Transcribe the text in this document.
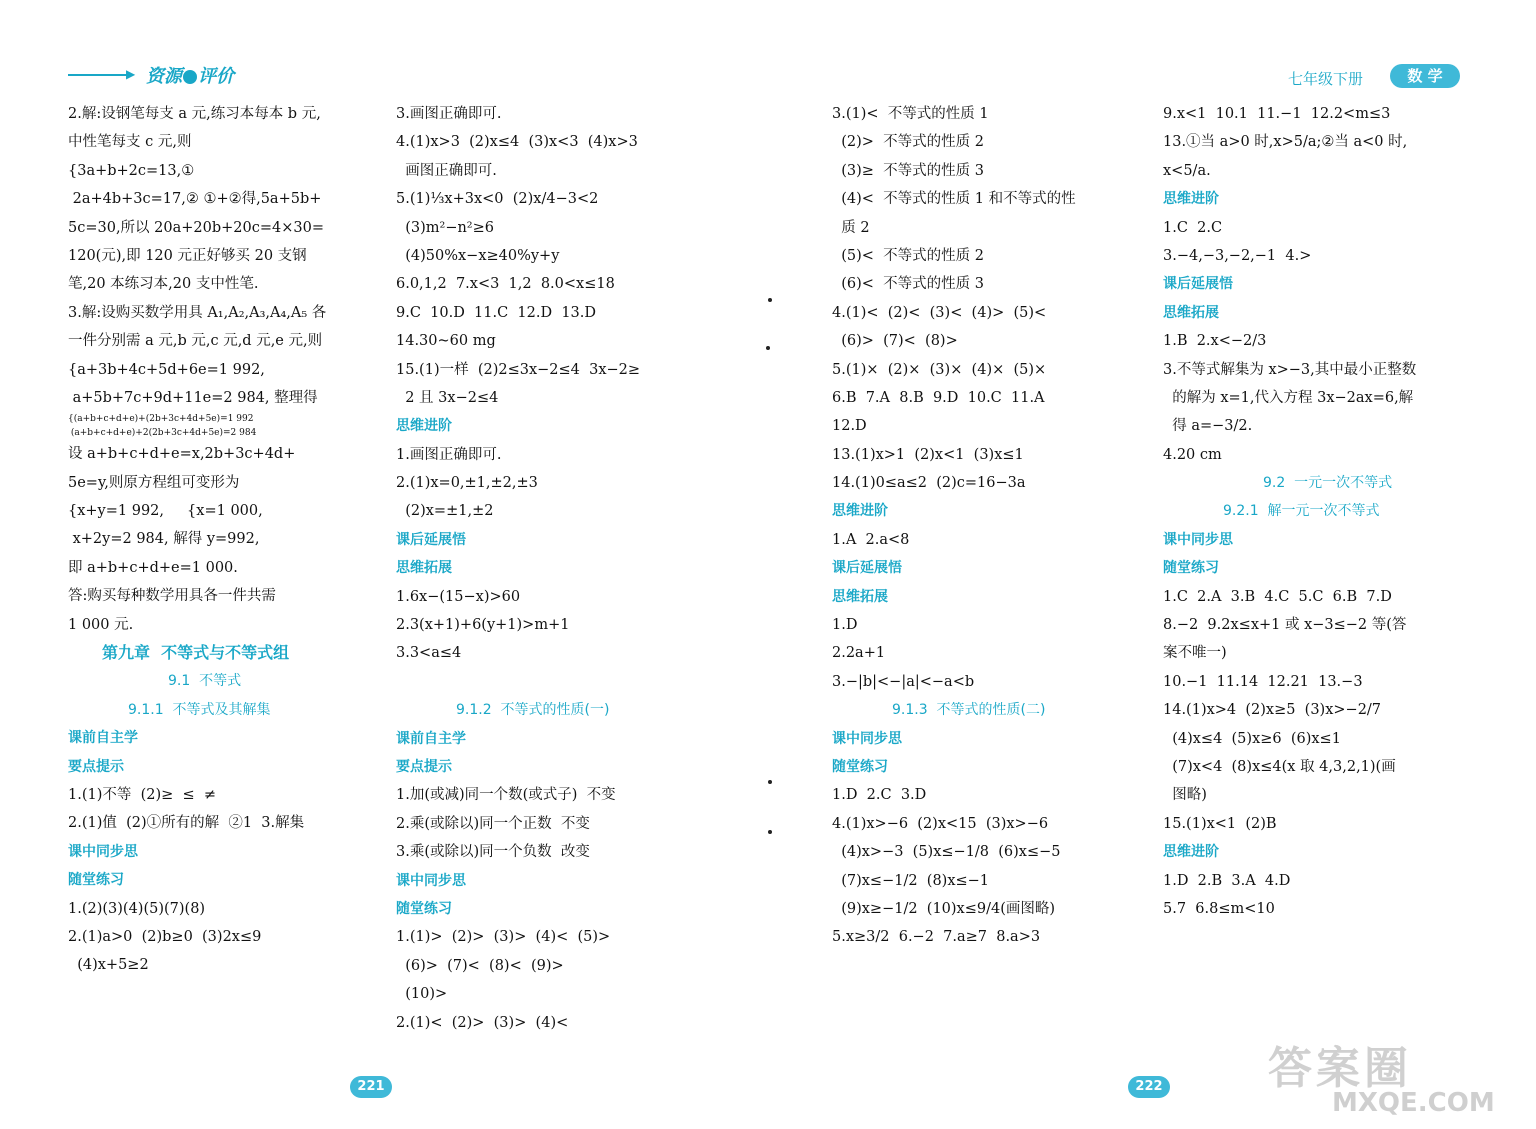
▶ 资源 评价	七年级下册	数 学
2.解:设钢笔每支 a 元,练习本每本 b 元,
中性笔每支 c 元,则
{3a+b+2c=13,①
2a+4b+3c=17,② ①+②得,5a+5b+
5c=30,所以 20a+20b+20c=4×30=
120(元),即 120 元正好够买 20 支钢
笔,20 本练习本,20 支中性笔.
3.解:设购买数学用具 A₁,A₂,A₃,A₄,A₅ 各
一件分别需 a 元,b 元,c 元,d 元,e 元,则
{a+3b+4c+5d+6e=1 992,
a+5b+7c+9d+11e=2 984, 整理得
{(a+b+c+d+e)+(2b+3c+4d+5e)=1 992
(a+b+c+d+e)+2(2b+3c+4d+5e)=2 984
设 a+b+c+d+e=x,2b+3c+4d+
5e=y,则原方程组可变形为
{x+y=1 992,     {x=1 000,
x+2y=2 984, 解得 y=992,
即 a+b+c+d+e=1 000.
答:购买每种数学用具各一件共需
1 000 元.
第九章  不等式与不等式组
9.1  不等式
9.1.1  不等式及其解集
课前自主学
要点提示
1.(1)不等  (2)≥  ≤  ≠
2.(1)值  (2)①所有的解  ②1  3.解集
课中同步思
随堂练习
1.(2)(3)(4)(5)(7)(8)
2.(1)a>0  (2)b≥0  (3)2x≤9
(4)x+5≥2
3.画图正确即可.
4.(1)x>3  (2)x≤4  (3)x<3  (4)x>3
画图正确即可.
5.(1)⅓x+3x<0  (2)x/4−3<2
(3)m²−n²≥6
(4)50%x−x≥40%y+y
6.0,1,2  7.x<3  1,2  8.0<x≤18
9.C  10.D  11.C  12.D  13.D
14.30~60 mg
15.(1)一样  (2)2≤3x−2≤4  3x−2≥
2 且 3x−2≤4
思维进阶
1.画图正确即可.
2.(1)x=0,±1,±2,±3
(2)x=±1,±2
课后延展悟
思维拓展
1.6x−(15−x)>60
2.3(x+1)+6(y+1)>m+1
3.3<a≤4
9.1.2  不等式的性质(一)
课前自主学
要点提示
1.加(或减)同一个数(或式子)  不变
2.乘(或除以)同一个正数  不变
3.乘(或除以)同一个负数  改变
课中同步思
随堂练习
1.(1)>  (2)>  (3)>  (4)<  (5)>
(6)>  (7)<  (8)<  (9)>
(10)>
2.(1)<  (2)>  (3)>  (4)<
3.(1)<  不等式的性质 1
(2)>  不等式的性质 2
(3)≥  不等式的性质 3
(4)<  不等式的性质 1 和不等式的性
质 2
(5)<  不等式的性质 2
(6)<  不等式的性质 3
4.(1)<  (2)<  (3)<  (4)>  (5)<
(6)>  (7)<  (8)>
5.(1)×  (2)×  (3)×  (4)×  (5)×
6.B  7.A  8.B  9.D  10.C  11.A
12.D
13.(1)x>1  (2)x<1  (3)x≤1
14.(1)0≤a≤2  (2)c=16−3a
思维进阶
1.A  2.a<8
课后延展悟
思维拓展
1.D
2.2a+1
3.−|b|<−|a|<−a<b
9.1.3  不等式的性质(二)
课中同步思
随堂练习
1.D  2.C  3.D
4.(1)x>−6  (2)x<15  (3)x>−6
(4)x>−3  (5)x≤−1/8  (6)x≤−5
(7)x≤−1/2  (8)x≤−1
(9)x≥−1/2  (10)x≤9/4(画图略)
5.x≥3/2  6.−2  7.a≥7  8.a>3
9.x<1  10.1  11.−1  12.2<m≤3
13.①当 a>0 时,x>5/a;②当 a<0 时,
x<5/a.
思维进阶
1.C  2.C
3.−4,−3,−2,−1  4.>
课后延展悟
思维拓展
1.B  2.x<−2/3
3.不等式解集为 x>−3,其中最小正整数
的解为 x=1,代入方程 3x−2ax=6,解
得 a=−3/2.
4.20 cm
9.2  一元一次不等式
9.2.1  解一元一次不等式
课中同步思
随堂练习
1.C  2.A  3.B  4.C  5.C  6.B  7.D
8.−2  9.2x≤x+1 或 x−3≤−2 等(答
案不唯一)
10.−1  11.14  12.21  13.−3
14.(1)x>4  (2)x≥5  (3)x>−2/7
(4)x≤4  (5)x≥6  (6)x≤1
(7)x<4  (8)x≤4(x 取 4,3,2,1)(画
图略)
15.(1)x<1  (2)B
思维进阶
1.D  2.B  3.A  4.D
5.7  6.8≤m<10
221	222 答案圈
MXQE.COM
